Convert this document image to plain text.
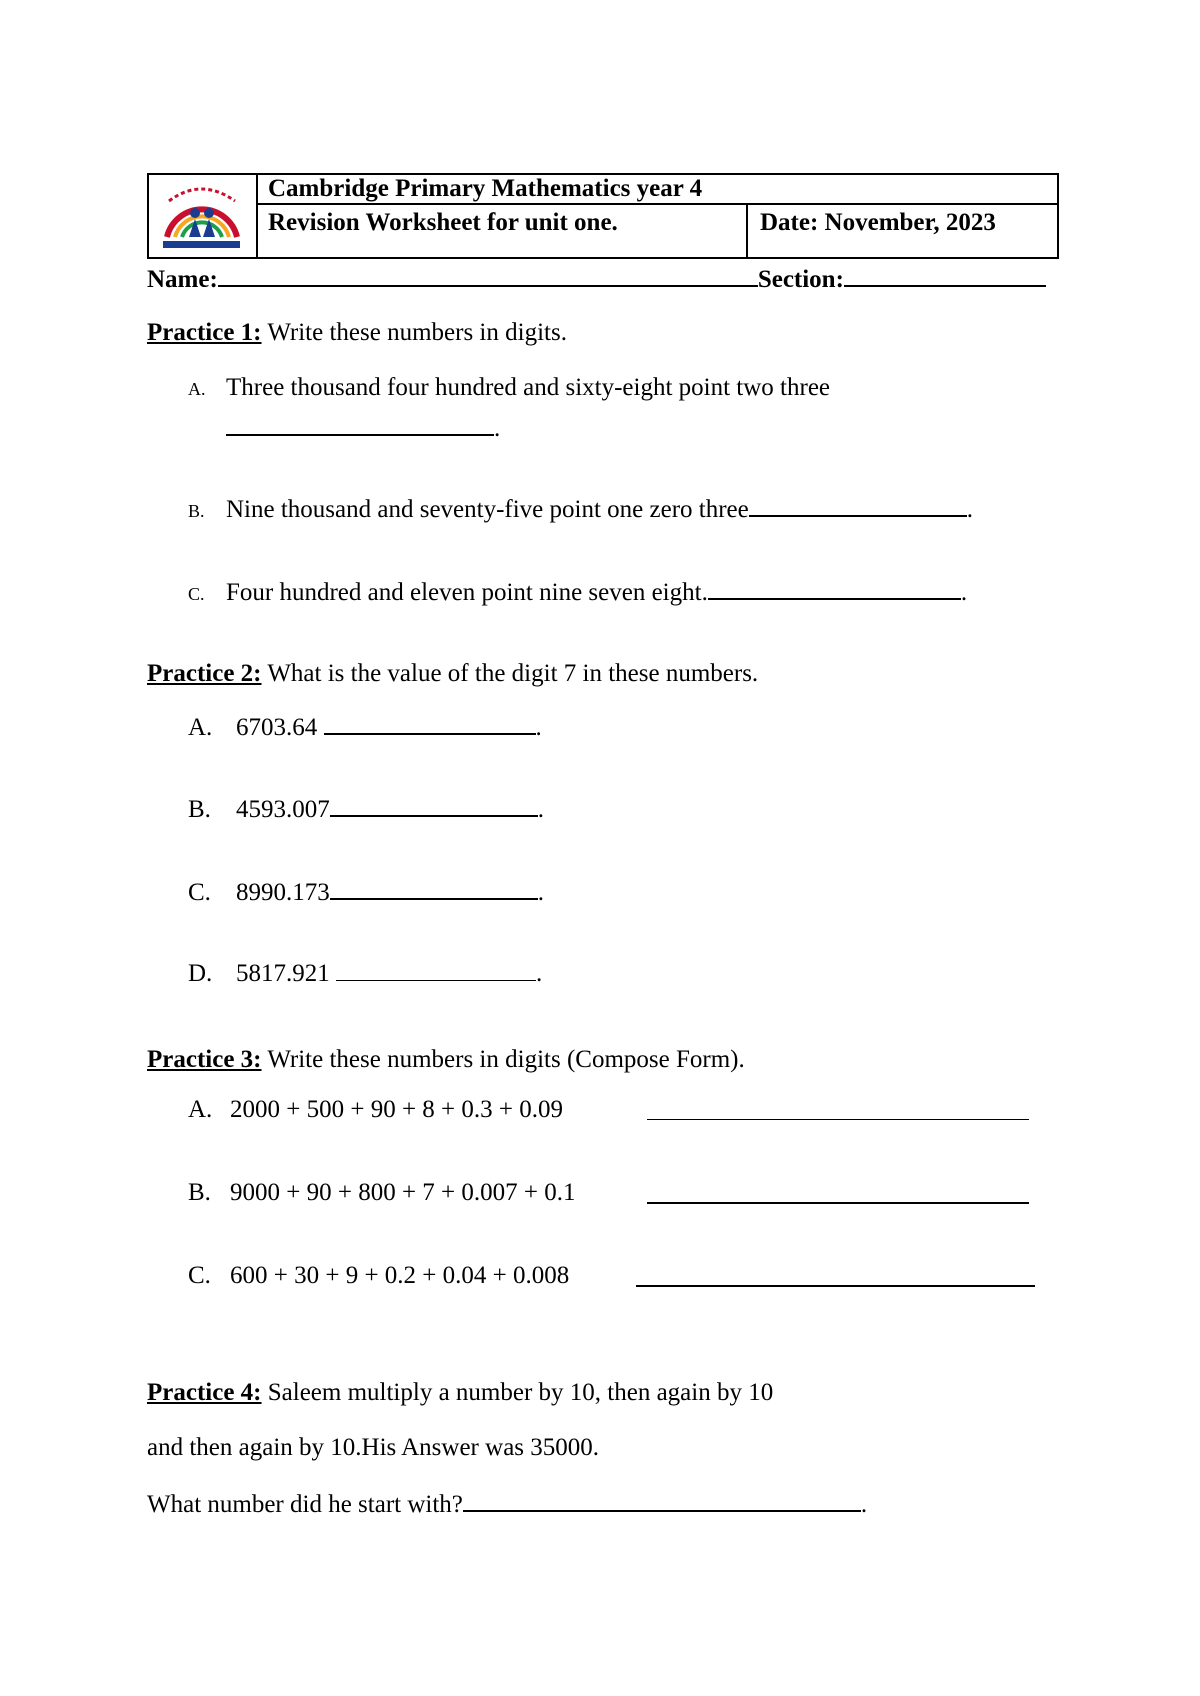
Cambridge Primary Mathematics year 4
Revision Worksheet for unit one.	Date: November, 2023
Name:	Section:
Practice 1: Write these numbers in digits.
A. Three thousand four hundred and sixty-eight point two three
.
B. Nine thousand and seventy-five point one zero three	.
C. Four hundred and eleven point nine seven eight.	.
Practice 2: What is the value of the digit 7 in these numbers.
A. 6703.64	.
B. 4593.007	.
C. 8990.173	.
D. 5817.921	.
Practice 3: Write these numbers in digits (Compose Form).
A. 2000 + 500 + 90 + 8 + 0.3 + 0.09
B. 9000 + 90 + 800 + 7 + 0.007 + 0.1
C. 600 + 30 + 9 + 0.2 + 0.04 + 0.008
Practice 4: Saleem multiply a number by 10, then again by 10
and then again by 10.His Answer was 35000.
What number did he start with?	.
